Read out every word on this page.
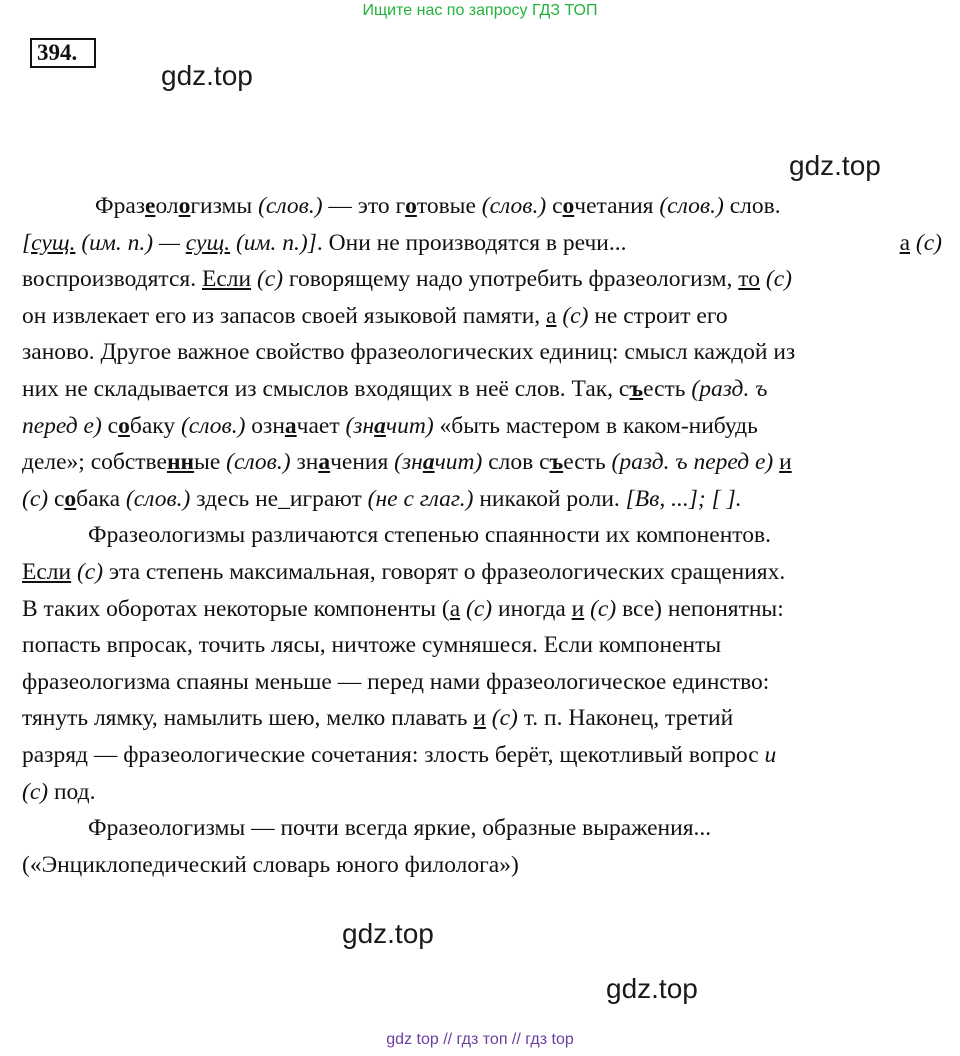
Ищите нас по запросу ГДЗ ТОП
394.
gdz.top
gdz.top
gdz.top
gdz.top
Фразеологизмы (слов.) — это готовые (слов.) сочетания (слов.) слов.
[сущ. (им. п.) — сущ. (им. п.)]. Они не производятся в речи...	а (с)
воспроизводятся. Если (с) говорящему надо употребить фразеологизм, то (с)
он извлекает его из запасов своей языковой памяти, а (с) не строит его
заново. Другое важное свойство фразеологических единиц: смысл каждой из
них не складывается из смыслов входящих в неё слов. Так, съесть (разд. ъ
перед е) собаку (слов.) означает (значит) «быть мастером в каком-нибудь
деле»; собственные (слов.) значения (значит) слов съесть (разд. ъ перед е) и
(с) собака (слов.) здесь не_играют (не с глаг.) никакой роли. [Вв, ...]; [ ].
Фразеологизмы различаются степенью спаянности их компонентов.
Если (с) эта степень максимальная, говорят о фразеологических сращениях.
В таких оборотах некоторые компоненты (а (с) иногда и (с) все) непонятны:
попасть впросак, точить лясы, ничтоже сумняшеся. Если компоненты
фразеологизма спаяны меньше — перед нами фразеологическое единство:
тянуть лямку, намылить шею, мелко плавать и (с) т. п. Наконец, третий
разряд — фразеологические сочетания: злость берёт, щекотливый вопрос и
(с) под.
Фразеологизмы — почти всегда яркие, образные выражения...
(«Энциклопедический словарь юного филолога»)
gdz top // гдз топ // гдз top
